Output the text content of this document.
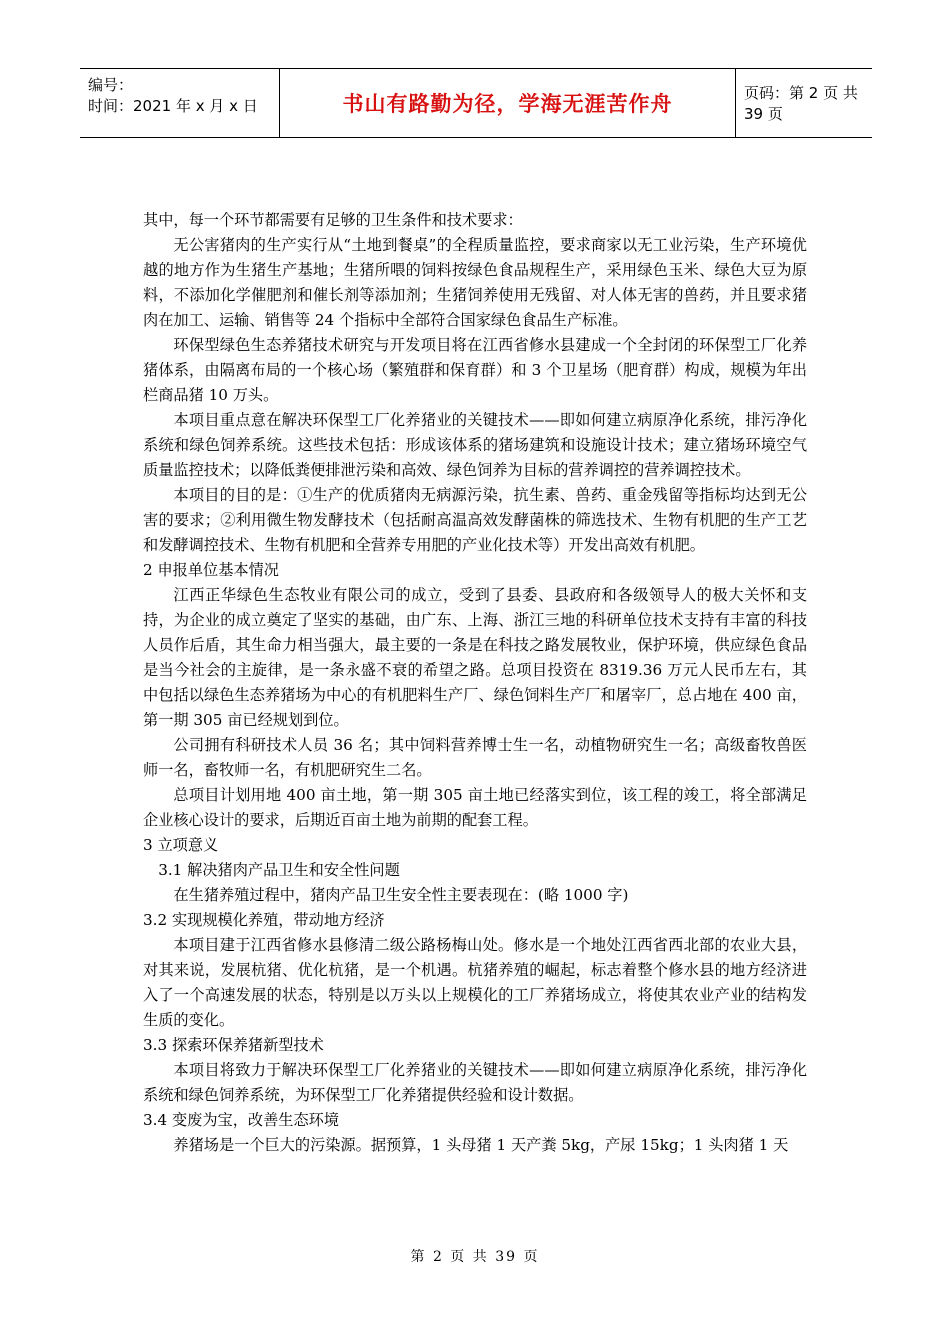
编号：
时间：2021 年 x 月 x 日	书山有路勤为径，学海无涯苦作舟	页码：第 2 页 共 39 页

其中，每一个环节都需要有足够的卫生条件和技术要求：

无公害猪肉的生产实行从“土地到餐桌”的全程质量监控，要求商家以无工业污染，生产环境优越的地方作为生猪生产基地；生猪所喂的饲料按绿色食品规程生产，采用绿色玉米、绿色大豆为原料，不添加化学催肥剂和催长剂等添加剂；生猪饲养使用无残留、对人体无害的兽药，并且要求猪肉在加工、运输、销售等 24 个指标中全部符合国家绿色食品生产标准。

环保型绿色生态养猪技术研究与开发项目将在江西省修水县建成一个全封闭的环保型工厂化养猪体系，由隔离布局的一个核心场（繁殖群和保育群）和 3 个卫星场（肥育群）构成，规模为年出栏商品猪 10 万头。

本项目重点意在解决环保型工厂化养猪业的关键技术——即如何建立病原净化系统，排污净化系统和绿色饲养系统。这些技术包括：形成该体系的猪场建筑和设施设计技术；建立猪场环境空气质量监控技术；以降低粪便排泄污染和高效、绿色饲养为目标的营养调控的营养调控技术。

本项目的目的是：①生产的优质猪肉无病源污染，抗生素、兽药、重金残留等指标均达到无公害的要求；②利用微生物发酵技术（包括耐高温高效发酵菌株的筛选技术、生物有机肥的生产工艺和发酵调控技术、生物有机肥和全营养专用肥的产业化技术等）开发出高效有机肥。

2 申报单位基本情况

江西正华绿色生态牧业有限公司的成立，受到了县委、县政府和各级领导人的极大关怀和支持，为企业的成立奠定了坚实的基础，由广东、上海、浙江三地的科研单位技术支持有丰富的科技人员作后盾，其生命力相当强大，最主要的一条是在科技之路发展牧业，保护环境，供应绿色食品是当今社会的主旋律，是一条永盛不衰的希望之路。总项目投资在 8319.36 万元人民币左右，其中包括以绿色生态养猪场为中心的有机肥料生产厂、绿色饲料生产厂和屠宰厂，总占地在 400 亩，第一期 305 亩已经规划到位。

公司拥有科研技术人员 36 名；其中饲料营养博士生一名，动植物研究生一名；高级畜牧兽医师一名，畜牧师一名，有机肥研究生二名。

总项目计划用地 400 亩土地，第一期 305 亩土地已经落实到位，该工程的竣工，将全部满足企业核心设计的要求，后期近百亩土地为前期的配套工程。

3 立项意义

3.1 解决猪肉产品卫生和安全性问题

在生猪养殖过程中，猪肉产品卫生安全性主要表现在：(略 1000 字)

3.2 实现规模化养殖，带动地方经济

本项目建于江西省修水县修清二级公路杨梅山处。修水是一个地处江西省西北部的农业大县，对其来说，发展杭猪、优化杭猪，是一个机遇。杭猪养殖的崛起，标志着整个修水县的地方经济进入了一个高速发展的状态，特别是以万头以上规模化的工厂养猪场成立，将使其农业产业的结构发生质的变化。

3.3 探索环保养猪新型技术

本项目将致力于解决环保型工厂化养猪业的关键技术——即如何建立病原净化系统，排污净化系统和绿色饲养系统，为环保型工厂化养猪提供经验和设计数据。

3.4 变废为宝，改善生态环境

养猪场是一个巨大的污染源。据预算，1 头母猪 1 天产粪 5kg，产尿 15kg；1 头肉猪 1 天

第 2 页 共 39 页
